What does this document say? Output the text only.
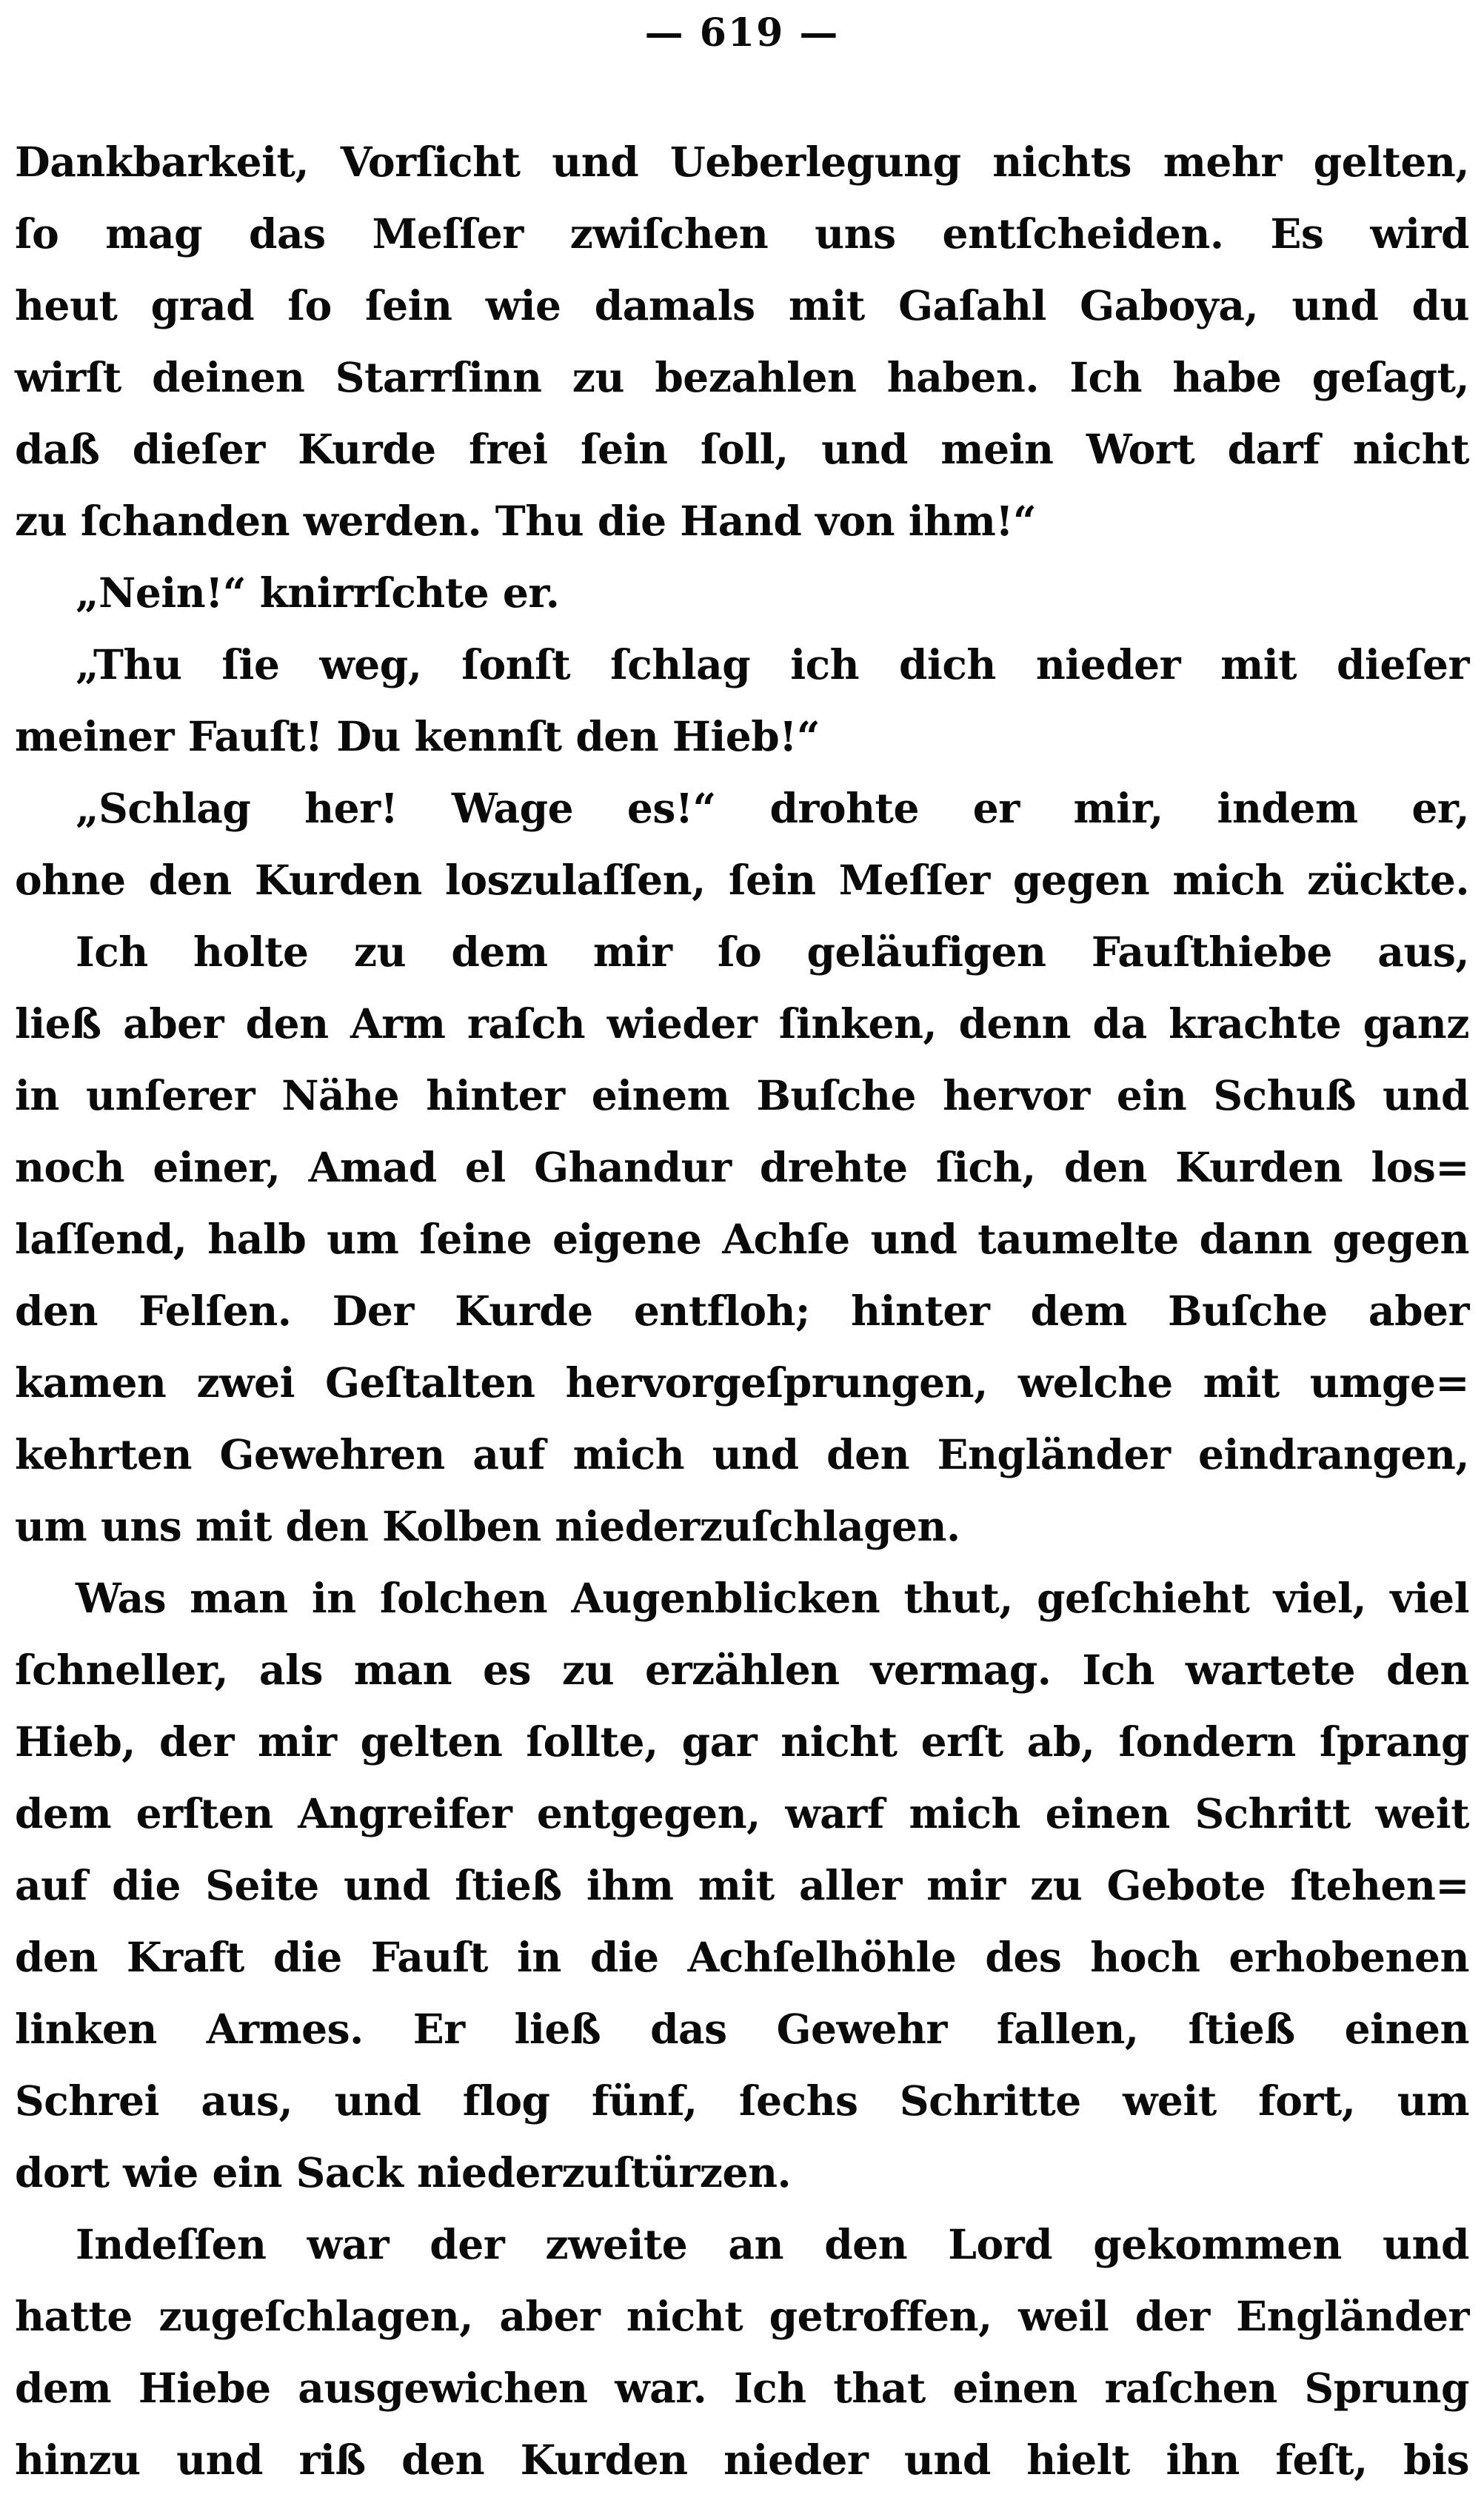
— 619 —
Dankbarkeit, Vorſicht und Ueberlegung nichts mehr gelten,
ſo mag das Meſſer zwiſchen uns entſcheiden. Es wird
heut grad ſo ſein wie damals mit Gaſahl Gaboya, und du
wirſt deinen Starrſinn zu bezahlen haben. Ich habe geſagt,
daß dieſer Kurde frei ſein ſoll, und mein Wort darf nicht
zu ſchanden werden. Thu die Hand von ihm!“
„Nein!“ knirrſchte er.
„Thu ſie weg, ſonſt ſchlag ich dich nieder mit dieſer
meiner Fauſt! Du kennſt den Hieb!“
„Schlag her! Wage es!“ drohte er mir, indem er,
ohne den Kurden loszulaſſen, ſein Meſſer gegen mich zückte.
Ich holte zu dem mir ſo geläufigen Fauſthiebe aus,
ließ aber den Arm raſch wieder ſinken, denn da krachte ganz
in unſerer Nähe hinter einem Buſche hervor ein Schuß und
noch einer, Amad el Ghandur drehte ſich, den Kurden los=
laſſend, halb um ſeine eigene Achſe und taumelte dann gegen
den Felſen. Der Kurde entfloh; hinter dem Buſche aber
kamen zwei Geſtalten hervorgeſprungen, welche mit umge=
kehrten Gewehren auf mich und den Engländer eindrangen,
um uns mit den Kolben niederzuſchlagen.
Was man in ſolchen Augenblicken thut, geſchieht viel, viel
ſchneller, als man es zu erzählen vermag. Ich wartete den
Hieb, der mir gelten ſollte, gar nicht erſt ab, ſondern ſprang
dem erſten Angreifer entgegen, warf mich einen Schritt weit
auf die Seite und ſtieß ihm mit aller mir zu Gebote ſtehen=
den Kraft die Fauſt in die Achſelhöhle des hoch erhobenen
linken Armes. Er ließ das Gewehr fallen, ſtieß einen
Schrei aus, und flog fünf, ſechs Schritte weit fort, um
dort wie ein Sack niederzuſtürzen.
Indeſſen war der zweite an den Lord gekommen und
hatte zugeſchlagen, aber nicht getroffen, weil der Engländer
dem Hiebe ausgewichen war. Ich that einen raſchen Sprung
hinzu und riß den Kurden nieder und hielt ihn feſt, bis
